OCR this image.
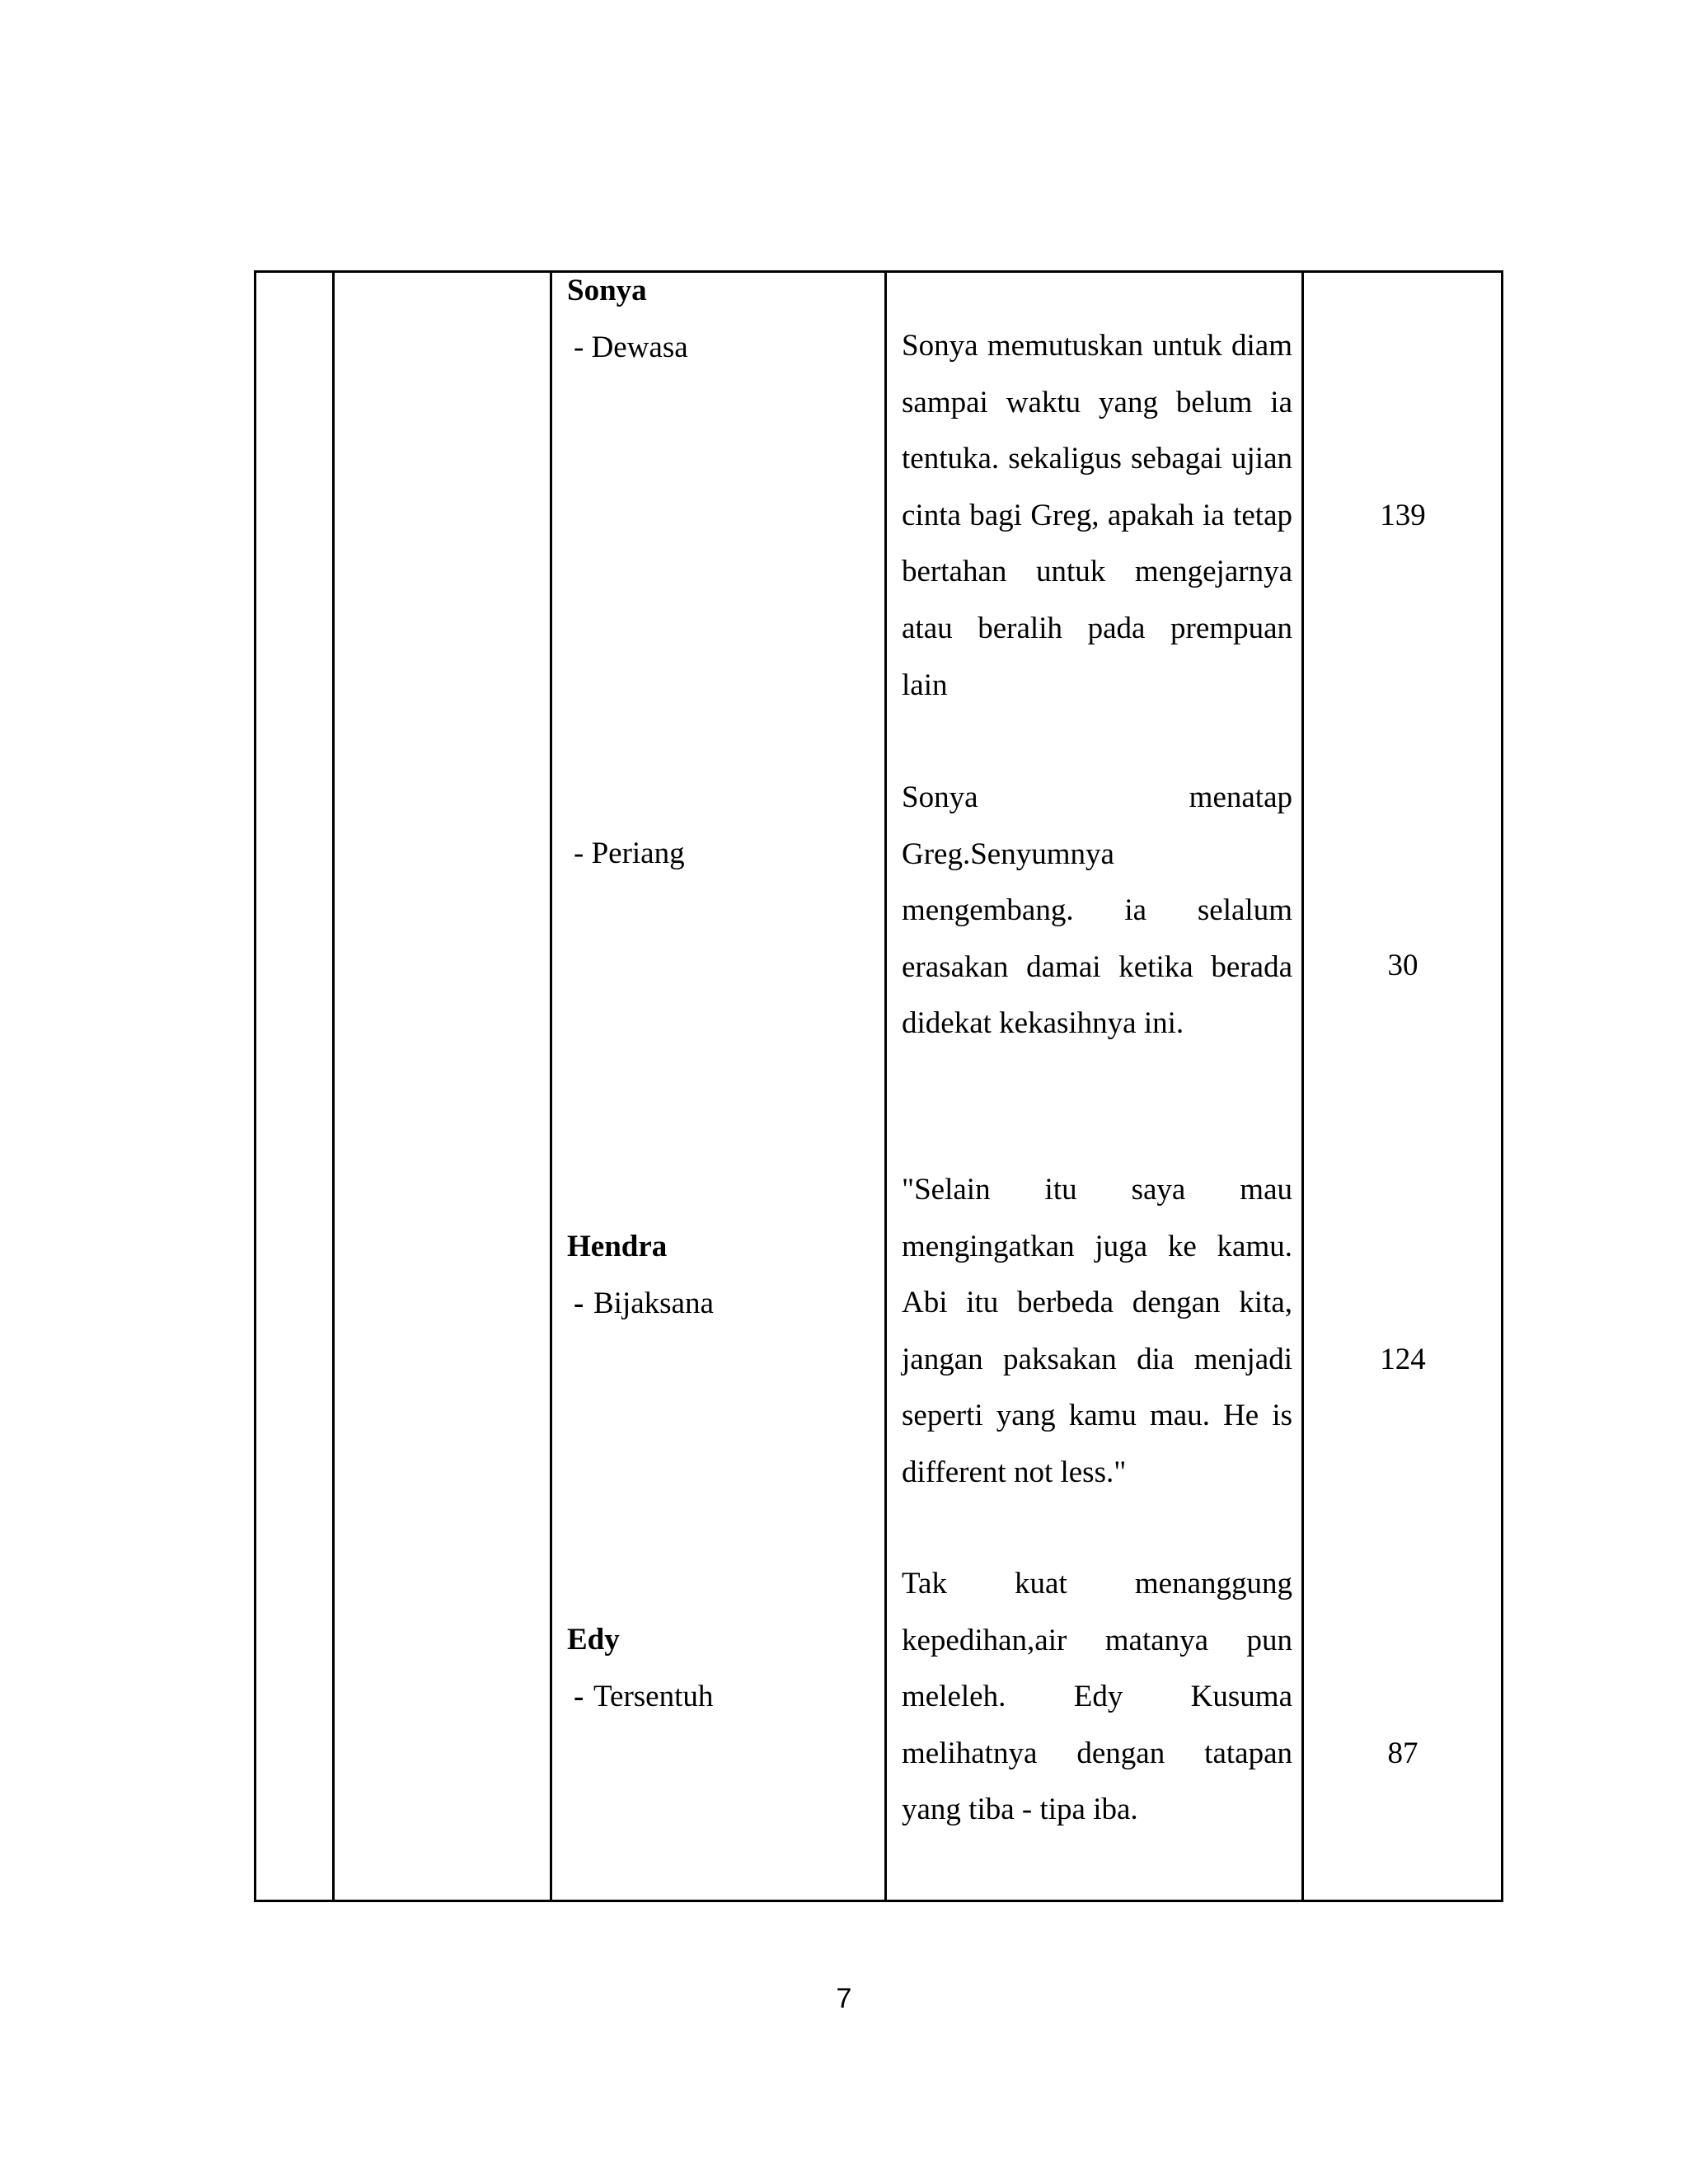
Sonya
- Dewasa	Sonya memutuskan untuk diam sampai waktu yang belum ia tentuka. sekaligus sebagai ujian cinta bagi Greg, apakah ia tetap bertahan untuk mengejarnya atau beralih pada prempuan lain
139
- Periang
Sonya menatap Greg.Senyumnya mengembang. ia selalum erasakan damai ketika berada didekat kekasihnya ini.
30
Hendra
- Bijaksana
"Selain itu saya mau mengingatkan juga ke kamu. Abi itu berbeda dengan kita, jangan paksakan dia menjadi seperti yang kamu mau. He is different not less."
124
Edy
- Tersentuh
Tak kuat menanggung kepedihan,air matanya pun meleleh. Edy Kusuma melihatnya dengan tatapan yang tiba - tipa iba.
87
7
